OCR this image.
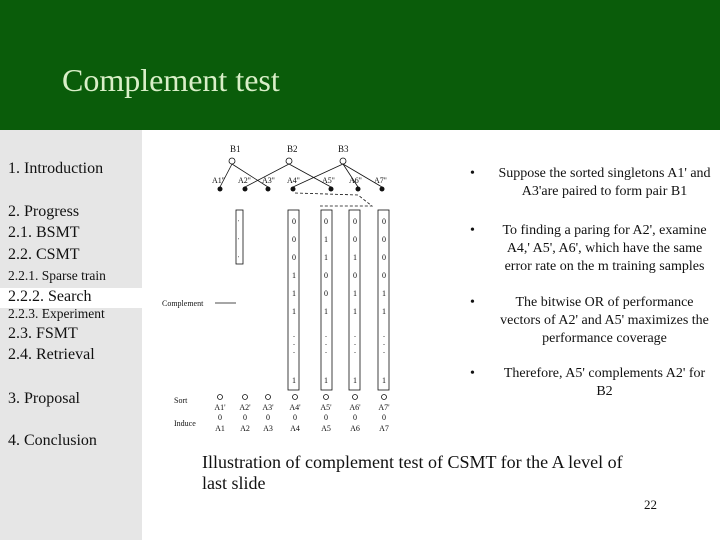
Complement test
1. Introduction
2. Progress
2.1. BSMT
2.2. CSMT
2.2.1. Sparse train
2.2.2. Search
2.2.3. Experiment
2.3. FSMT
2.4. Retrieval
3. Proposal
4. Conclusion
B1	B2	B3
A1'' A2'' A3'' A4''	A5'' A6'' A7''
'
'
'
0	0	0	0
0	1	0	0
0	1	1	0
1	0	0	0
1	0	1	1
1	1	1	1
.
.
.
.
.
.
.
.
.
.
.
.
1	1	1	1
Complement
Sort
Induce
A1'
0
A1
A2'
0
A2
A3'
0
A3
A4'
0
A4
A5'
0
A5
A6'
0
A6
A7'
0
A7
• Suppose the sorted singletons A1' and A3'are paired to form pair B1
•	To finding a paring for A2', examine A4,' A5', A6', which have the same error rate on the m training samples
•	The bitwise OR of performance vectors of A2' and A5' maximizes the performance coverage
•	Therefore, A5' complements A2' for B2
Illustration of complement test of CSMT for the A level of last slide
22
